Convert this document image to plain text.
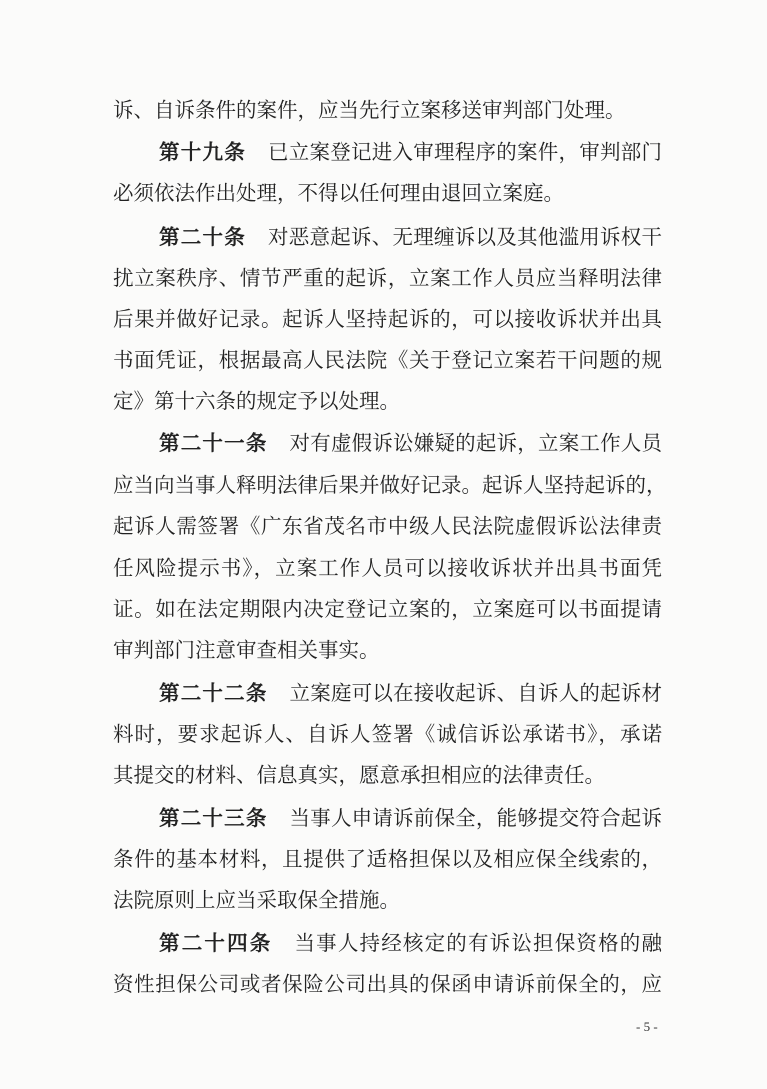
诉、自诉条件的案件，应当先行立案移送审判部门处理。
第十九条 已立案登记进入审理程序的案件，审判部门
必须依法作出处理，不得以任何理由退回立案庭。
第二十条 对恶意起诉、无理缠诉以及其他滥用诉权干
扰立案秩序、情节严重的起诉，立案工作人员应当释明法律
后果并做好记录。起诉人坚持起诉的，可以接收诉状并出具
书面凭证，根据最高人民法院《关于登记立案若干问题的规
定》第十六条的规定予以处理。
第二十一条 对有虚假诉讼嫌疑的起诉，立案工作人员
应当向当事人释明法律后果并做好记录。起诉人坚持起诉的，
起诉人需签署《广东省茂名市中级人民法院虚假诉讼法律责
任风险提示书》，立案工作人员可以接收诉状并出具书面凭
证。如在法定期限内决定登记立案的，立案庭可以书面提请
审判部门注意审查相关事实。
第二十二条 立案庭可以在接收起诉、自诉人的起诉材
料时，要求起诉人、自诉人签署《诚信诉讼承诺书》，承诺
其提交的材料、信息真实，愿意承担相应的法律责任。
第二十三条 当事人申请诉前保全，能够提交符合起诉
条件的基本材料，且提供了适格担保以及相应保全线索的，
法院原则上应当采取保全措施。
第二十四条 当事人持经核定的有诉讼担保资格的融
资性担保公司或者保险公司出具的保函申请诉前保全的，应
- 5 -
